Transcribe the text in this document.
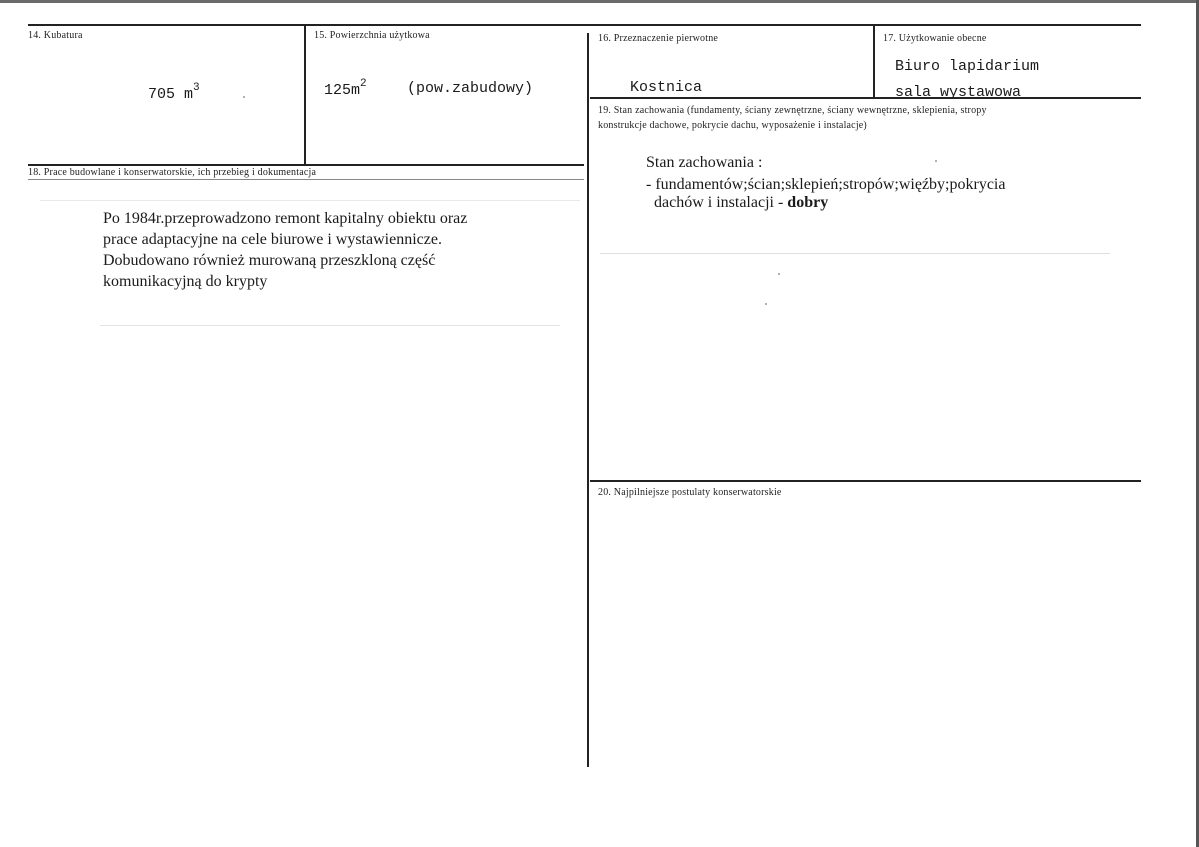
14. Kubatura
705 $m^3$
15. Powierzchnia użytkowa
$125m^2$	(pow.zabudowy)
16. Przeznaczenie pierwotne
Kostnica
17. Użytkowanie obecne
Biuro lapidarium
sala wystawowa
18. Prace budowlane i konserwatorskie, ich przebieg i dokumentacja
Po 1984r.przeprowadzono remont kapitalny obiektu oraz
prace adaptacyjne na cele biurowe i wystawiennicze.
Dobudowano również murowaną przeszkloną część
komunikacyjną do krypty
19. Stan zachowania (fundamenty, ściany zewnętrzne, ściany wewnętrzne, sklepienia, stropy
konstrukcje dachowe, pokrycie dachu, wyposażenie i instalacje)
Stan zachowania :
- fundamentów;ścian;sklepień;stropów;więźby;pokrycia
dachów i instalacji - dobry
20. Najpilniejsze postulaty konserwatorskie
